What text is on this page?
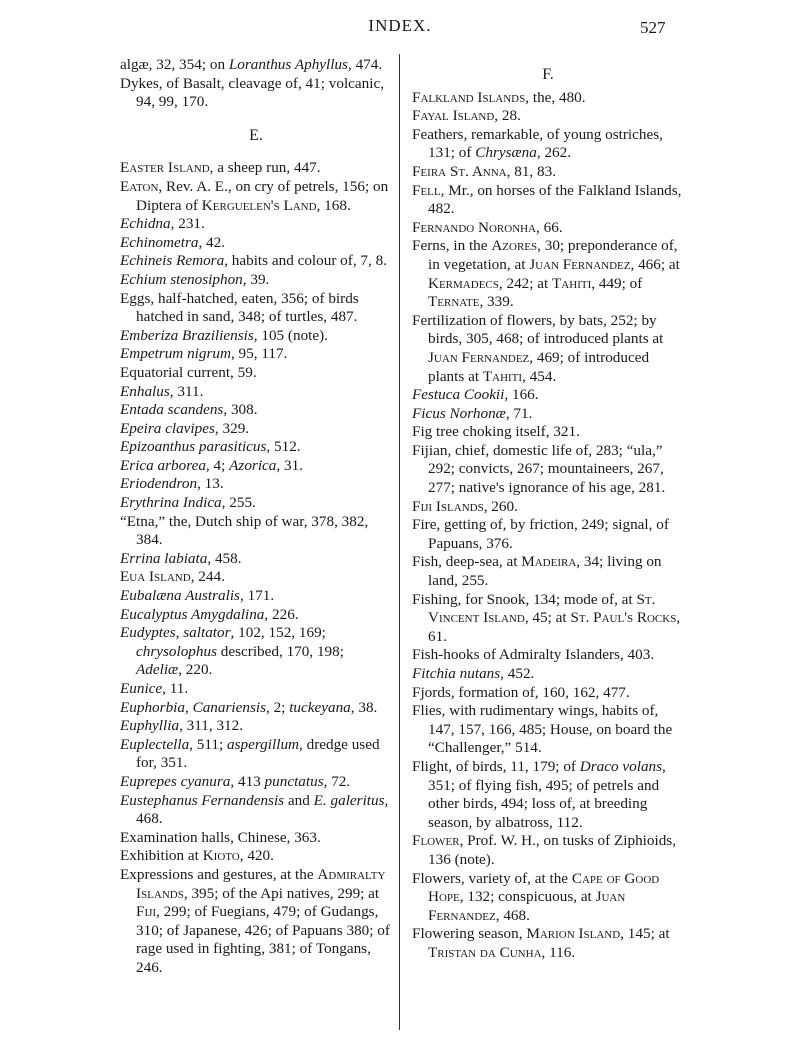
INDEX.	527

algæ, 32, 354; on Loranthus Aphyllus, 474.

Dykes, of Basalt, cleavage of, 41; volcanic, 94, 99, 170.

E.

Easter Island, a sheep run, 447.

Eaton, Rev. A. E., on cry of petrels, 156; on Diptera of Kerguelen's Land, 168.

Echidna, 231.

Echinometra, 42.

Echineis Remora, habits and colour of, 7, 8.

Echium stenosiphon, 39.

Eggs, half-hatched, eaten, 356; of birds hatched in sand, 348; of turtles, 487.

Emberiza Braziliensis, 105 (note).

Empetrum nigrum, 95, 117.

Equatorial current, 59.

Enhalus, 311.

Entada scandens, 308.

Epeira clavipes, 329.

Epizoanthus parasiticus, 512.

Erica arborea, 4; Azorica, 31.

Eriodendron, 13.

Erythrina Indica, 255.

“Etna,” the, Dutch ship of war, 378, 382, 384.

Errina labiata, 458.

Eua Island, 244.

Eubalæna Australis, 171.

Eucalyptus Amygdalina, 226.

Eudyptes, saltator, 102, 152, 169; chrysolophus described, 170, 198; Adeliæ, 220.

Eunice, 11.

Euphorbia, Canariensis, 2; tuckeyana, 38.

Euphyllia, 311, 312.

Euplectella, 511; aspergillum, dredge used for, 351.

Euprepes cyanura, 413 punctatus, 72.

Eustephanus Fernandensis and E. galeritus, 468.

Examination halls, Chinese, 363.

Exhibition at Kioto, 420.

Expressions and gestures, at the Admiralty Islands, 395; of the Api natives, 299; at Fiji, 299; of Fuegians, 479; of Gudangs, 310; of Japanese, 426; of Papuans 380; of rage used in fighting, 381; of Tongans, 246.

F.

Falkland Islands, the, 480.

Fayal Island, 28.

Feathers, remarkable, of young ostriches, 131; of Chrysæna, 262.

Feira St. Anna, 81, 83.

Fell, Mr., on horses of the Falkland Islands, 482.

Fernando Noronha, 66.

Ferns, in the Azores, 30; preponderance of, in vegetation, at Juan Fernandez, 466; at Kermadecs, 242; at Tahiti, 449; of Ternate, 339.

Fertilization of flowers, by bats, 252; by birds, 305, 468; of introduced plants at Juan Fernandez, 469; of introduced plants at Tahiti, 454.

Festuca Cookii, 166.

Ficus Norhonæ, 71.

Fig tree choking itself, 321.

Fijian, chief, domestic life of, 283; “ula,” 292; convicts, 267; mountaineers, 267, 277; native's ignorance of his age, 281.

Fiji Islands, 260.

Fire, getting of, by friction, 249; signal, of Papuans, 376.

Fish, deep-sea, at Madeira, 34; living on land, 255.

Fishing, for Snook, 134; mode of, at St. Vincent Island, 45; at St. Paul's Rocks, 61.

Fish-hooks of Admiralty Islanders, 403.

Fitchia nutans, 452.

Fjords, formation of, 160, 162, 477.

Flies, with rudimentary wings, habits of, 147, 157, 166, 485; House, on board the “Challenger,” 514.

Flight, of birds, 11, 179; of Draco volans, 351; of flying fish, 495; of petrels and other birds, 494; loss of, at breeding season, by albatross, 112.

Flower, Prof. W. H., on tusks of Ziphioids, 136 (note).

Flowers, variety of, at the Cape of Good Hope, 132; conspicuous, at Juan Fernandez, 468.

Flowering season, Marion Island, 145; at Tristan da Cunha, 116.
